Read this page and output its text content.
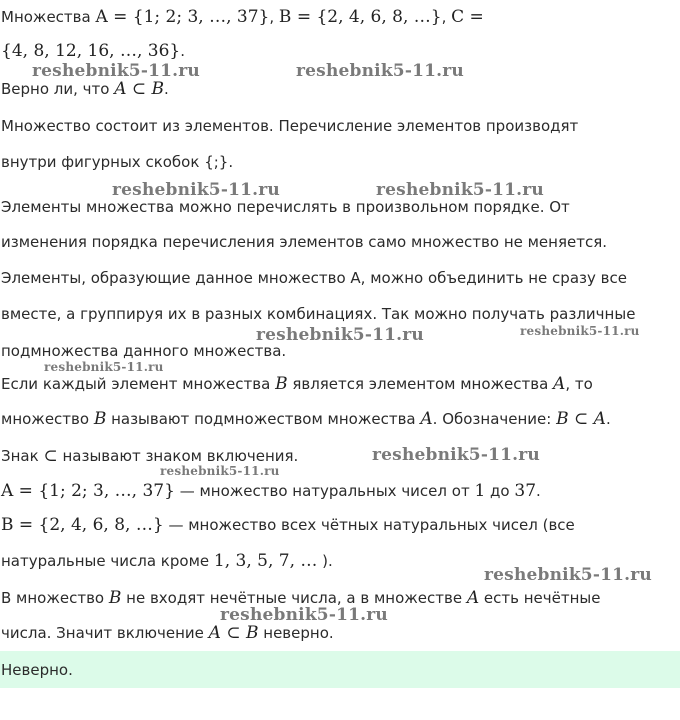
Множества A = {1; 2; 3, …, 37}, B = {2, 4, 6, 8, …}, C =
{4, 8, 12, 16, …, 36}.
Верно ли, что A ⊂ B.
Множество состоит из элементов. Перечисление элементов производят
внутри фигурных скобок {;}.
Элементы множества можно перечислять в произвольном порядке. От
изменения порядка перечисления элементов само множество не меняется.
Элементы, образующие данное множество A, можно объединить не сразу все
вместе, а группируя их в разных комбинациях. Так можно получать различные
подмножества данного множества.
Если каждый элемент множества B является элементом множества A, то
множество B называют подмножеством множества A. Обозначение: B ⊂ A.
Знак ⊂ называют знаком включения.
A = {1; 2; 3, …, 37} — множество натуральных чисел от 1 до 37.
B = {2, 4, 6, 8, …} — множество всех чётных натуральных чисел (все
натуральные числа кроме 1, 3, 5, 7, … ).
В множество B не входят нечётные числа, а в множестве A есть нечётные
числа. Значит включение A ⊂ B неверно.
Неверно.
reshebnik5-11.ru	reshebnik5-11.ru
reshebnik5-11.ru	reshebnik5-11.ru
reshebnik5-11.ru	reshebnik5-11.ru
reshebnik5-11.ru
reshebnik5-11.ru
reshebnik5-11.ru
reshebnik5-11.ru
reshebnik5-11.ru
